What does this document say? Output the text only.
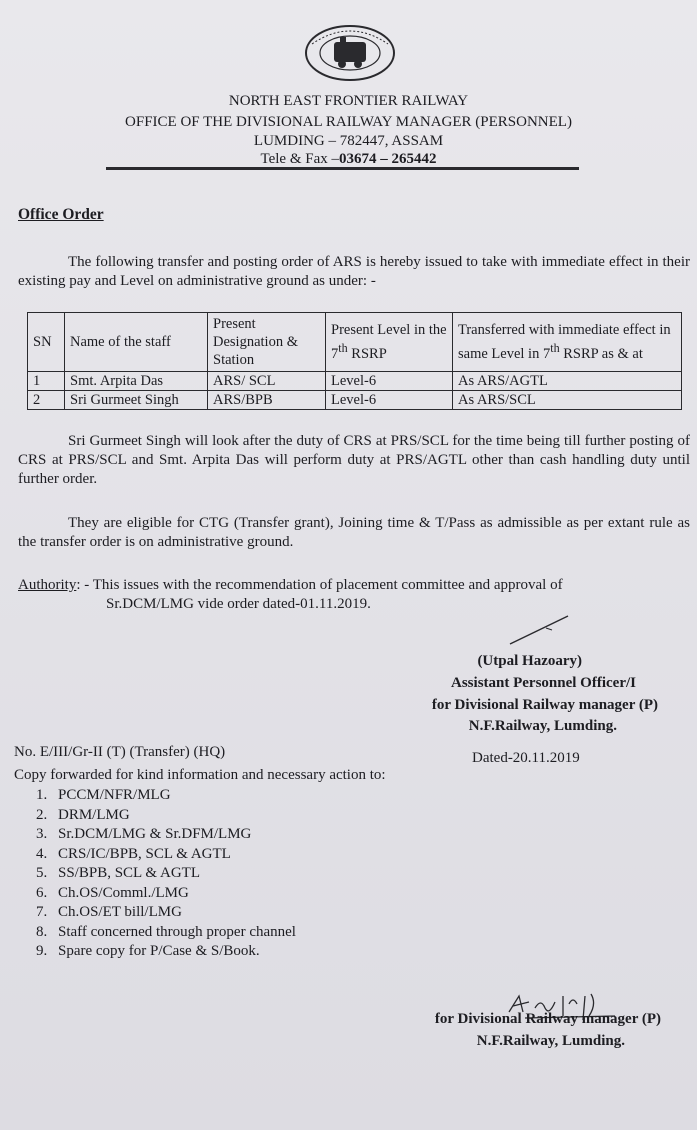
NORTH EAST FRONTIER RAILWAY
OFFICE OF THE DIVISIONAL RAILWAY MANAGER (PERSONNEL)
LUMDING – 782447, ASSAM
Tele & Fax –03674 – 265442
Office Order
The following transfer and posting order of ARS is hereby issued to take with immediate effect in their existing pay and Level on administrative ground as under: -
SN	Name of the staff	Present Designation & Station	Present Level in the 7th RSRP	Transferred with immediate effect in same Level in 7th RSRP as & at
1	Smt. Arpita Das	ARS/ SCL	Level-6	As ARS/AGTL
2	Sri Gurmeet Singh	ARS/BPB	Level-6	As ARS/SCL
Sri Gurmeet Singh will look after the duty of CRS at PRS/SCL for the time being till further posting of CRS at PRS/SCL and Smt. Arpita Das will perform duty at PRS/AGTL other than cash handling duty until further order.
They are eligible for CTG (Transfer grant), Joining time & T/Pass as admissible as per extant rule as the transfer order is on administrative ground.
Authority: - This issues with the recommendation of placement committee and approval of
Sr.DCM/LMG vide order dated-01.11.2019.
(Utpal Hazoary)
Assistant Personnel Officer/I
for Divisional Railway manager (P)
N.F.Railway, Lumding.
No. E/III/Gr-II (T) (Transfer) (HQ)	Dated-20.11.2019
Copy forwarded for kind information and necessary action to:
1. PCCM/NFR/MLG
2. DRM/LMG
3. Sr.DCM/LMG & Sr.DFM/LMG
4. CRS/IC/BPB, SCL & AGTL
5. SS/BPB, SCL & AGTL
6. Ch.OS/Comml./LMG
7. Ch.OS/ET bill/LMG
8. Staff concerned through proper channel
9. Spare copy for P/Case & S/Book.
for Divisional Railway manager (P)
N.F.Railway, Lumding.
